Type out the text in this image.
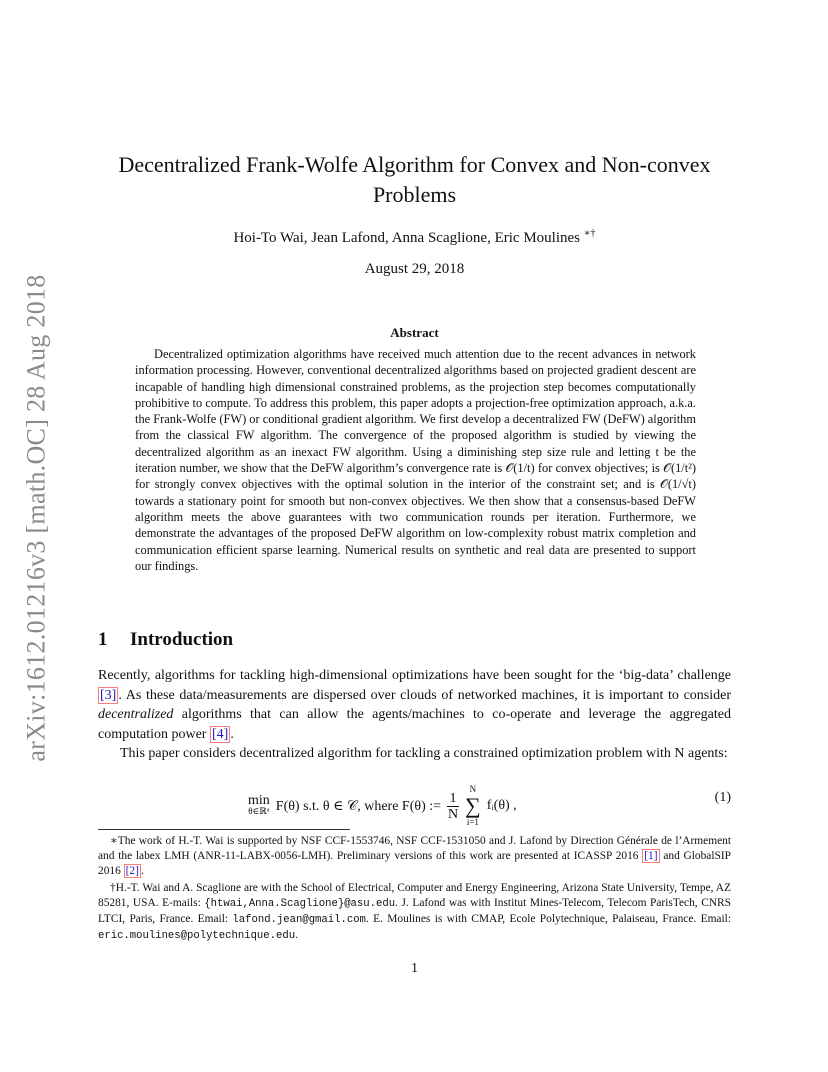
arXiv:1612.01216v3 [math.OC] 28 Aug 2018
Decentralized Frank-Wolfe Algorithm for Convex and Non-convex Problems
Hoi-To Wai, Jean Lafond, Anna Scaglione, Eric Moulines ∗†
August 29, 2018
Abstract

Decentralized optimization algorithms have received much attention due to the recent advances in network information processing. However, conventional decentralized algorithms based on projected gradient descent are incapable of handling high dimensional constrained problems, as the projection step becomes computationally prohibitive to compute. To address this problem, this paper adopts a projection-free optimization approach, a.k.a. the Frank-Wolfe (FW) or conditional gradient algorithm. We first develop a decentralized FW (DeFW) algorithm from the classical FW algorithm. The convergence of the proposed algorithm is studied by viewing the decentralized algorithm as an inexact FW algorithm. Using a diminishing step size rule and letting t be the iteration number, we show that the DeFW algorithm’s convergence rate is 𝒪(1/t) for convex objectives; is 𝒪(1/t²) for strongly convex objectives with the optimal solution in the interior of the constraint set; and is 𝒪(1/√t) towards a stationary point for smooth but non-convex objectives. We then show that a consensus-based DeFW algorithm meets the above guarantees with two communication rounds per iteration. Furthermore, we demonstrate the advantages of the proposed DeFW algorithm on low-complexity robust matrix completion and communication efficient sparse learning. Numerical results on synthetic and real data are presented to support our findings.

1 Introduction

Recently, algorithms for tackling high-dimensional optimizations have been sought for the ‘big-data’ challenge [3] . As these data/measurements are dispersed over clouds of networked machines, it is important to consider decentralized algorithms that can allow the agents/machines to co-operate and leverage the aggregated computation power [4] .

This paper considers decentralized algorithm for tackling a constrained optimization problem with N agents:

min
θ∈ℝᵈ F(θ) s.t. θ ∈ 𝒞, where F(θ) := $\frac{1}{N}$
N
∑
i=1
fᵢ(θ) ,
(1)

∗The work of H.-T. Wai is supported by NSF CCF-1553746, NSF CCF-1531050 and J. Lafond by Direction Générale de l’Armement and the labex LMH (ANR-11-LABX-0056-LMH). Preliminary versions of this work are presented at ICASSP 2016 [1] and GlobalSIP 2016 [2] .

†H.-T. Wai and A. Scaglione are with the School of Electrical, Computer and Energy Engineering, Arizona State University, Tempe, AZ 85281, USA. E-mails: {htwai,Anna.Scaglione}@asu.edu. J. Lafond was with Institut Mines-Telecom, Telecom ParisTech, CNRS LTCI, Paris, France. Email: lafond.jean@gmail.com. E. Moulines is with CMAP, Ecole Polytechnique, Palaiseau, France. Email: eric.moulines@polytechnique.edu.

1
